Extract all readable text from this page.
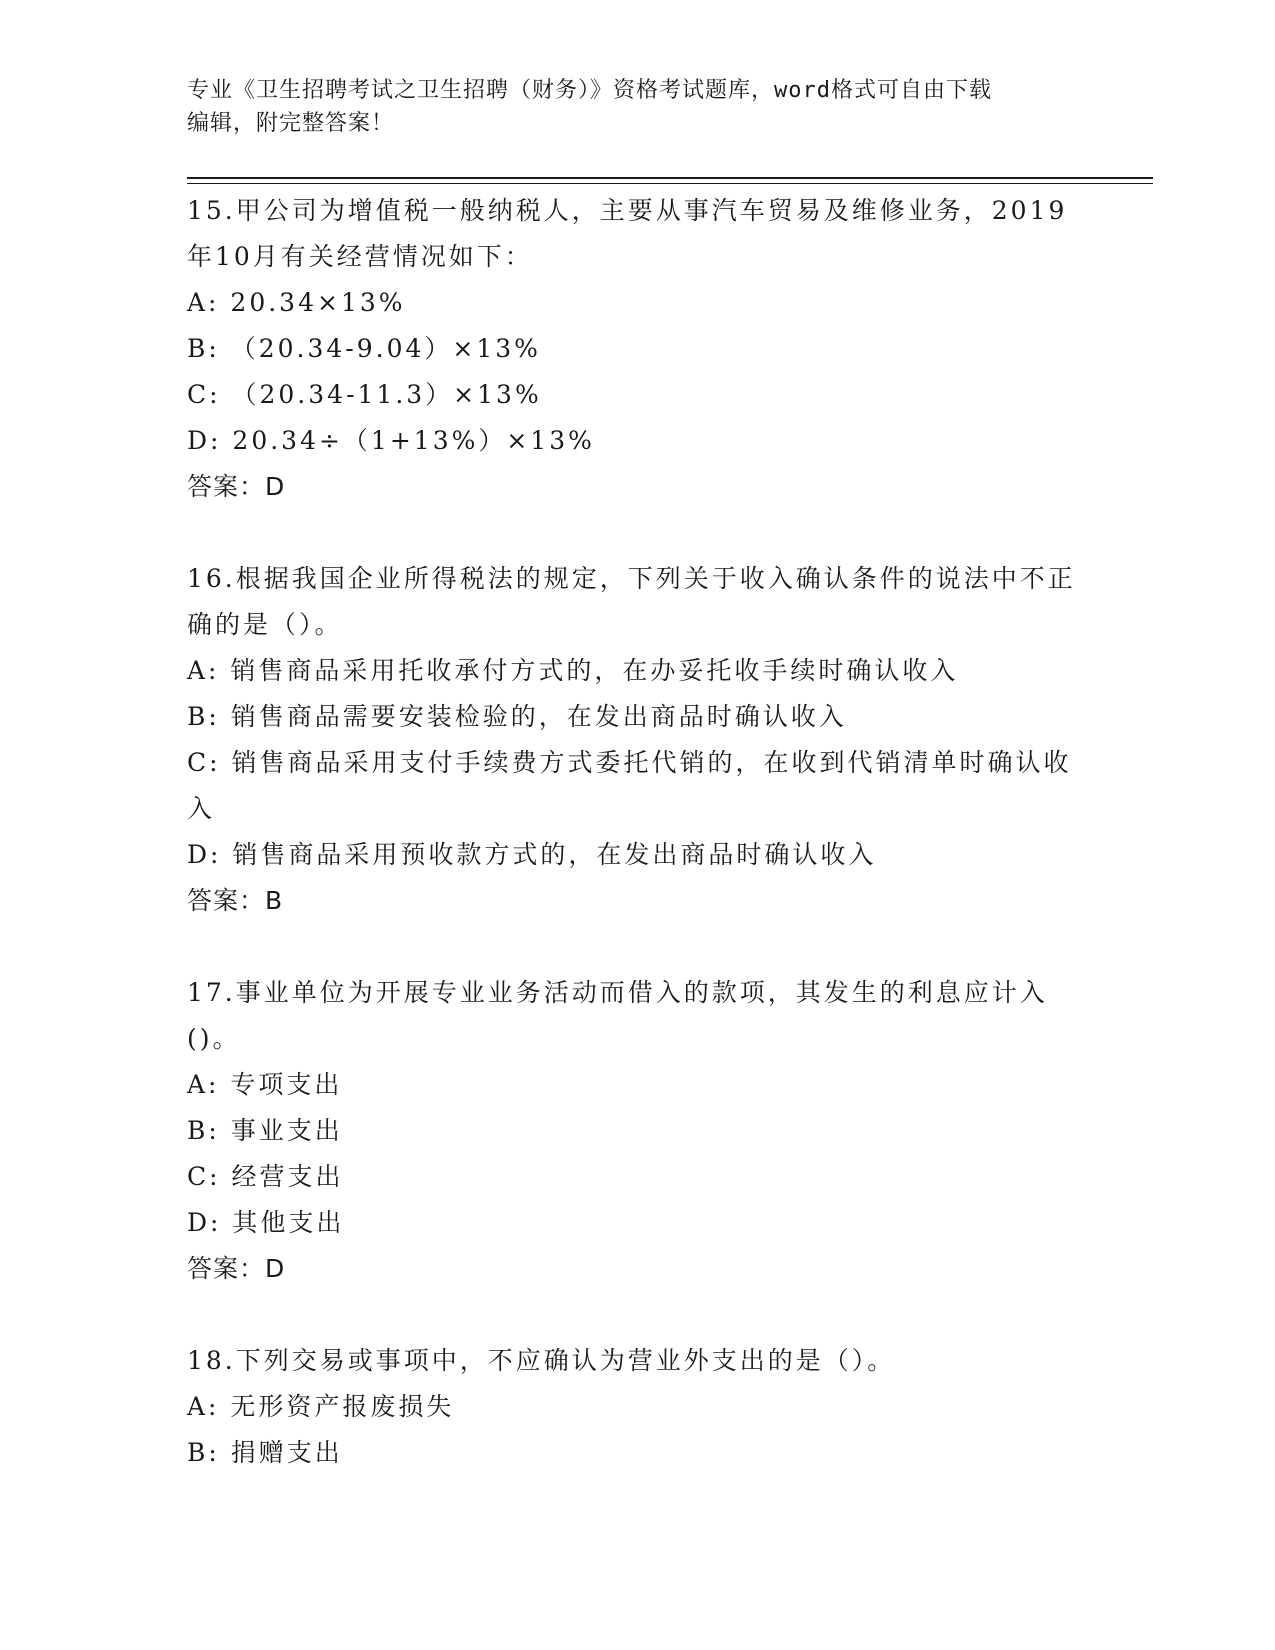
专业《卫生招聘考试之卫生招聘（财务）》资格考试题库，word格式可自由下载
编辑，附完整答案！

15.甲公司为增值税一般纳税人，主要从事汽车贸易及维修业务，2019年10月有关经营情况如下：

A: 20.34×13%

B: （20.34-9.04）×13%

C: （20.34-11.3）×13%

D: 20.34÷（1+13%）×13%

答案：D

16.根据我国企业所得税法的规定，下列关于收入确认条件的说法中不正确的是（）。

A: 销售商品采用托收承付方式的，在办妥托收手续时确认收入

B: 销售商品需要安装检验的，在发出商品时确认收入

C: 销售商品采用支付手续费方式委托代销的，在收到代销清单时确认收入

D: 销售商品采用预收款方式的，在发出商品时确认收入

答案：B

17.事业单位为开展专业业务活动而借入的款项，其发生的利息应计入()。

A: 专项支出

B: 事业支出

C: 经营支出

D: 其他支出

答案：D

18.下列交易或事项中，不应确认为营业外支出的是（）。

A: 无形资产报废损失

B: 捐赠支出
